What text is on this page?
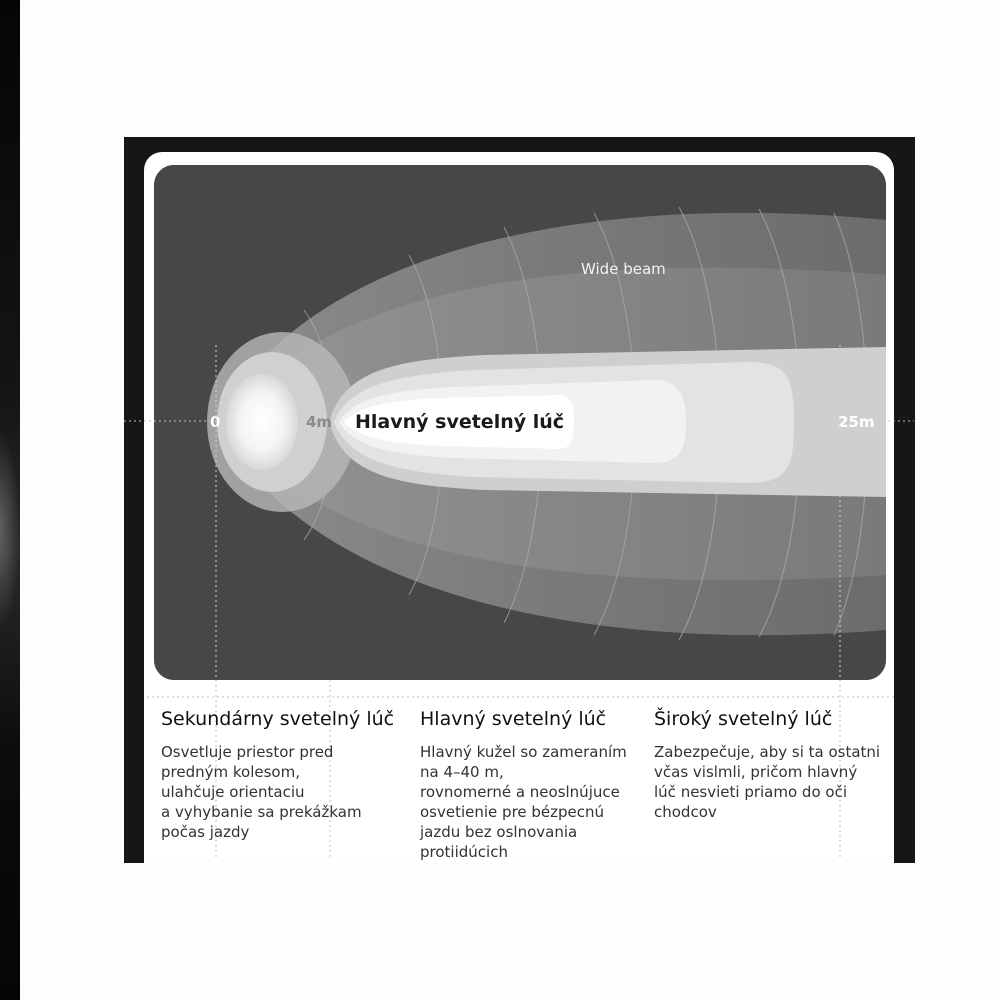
Wide beam
Hlavný svetelný lúč
0	4m	25m
Sekundárny svetelný lúč

Osvetluje priestor pred
predným kolesom,
ulahčuje orientaciu
a vyhybanie sa prekážkam
počas jazdy

Hlavný svetelný lúč

Hlavný kužel so zameraním
na 4–40 m,
rovnomerné a neoslnújuce
osvetienie pre bézpecnú
jazdu bez oslnovania
protiidúcich

Široký svetelný lúč

Zabezpečuje, aby si ta ostatni
včas vislmli, pričom hlavný
lúč nesvieti priamo do oči
chodcov
